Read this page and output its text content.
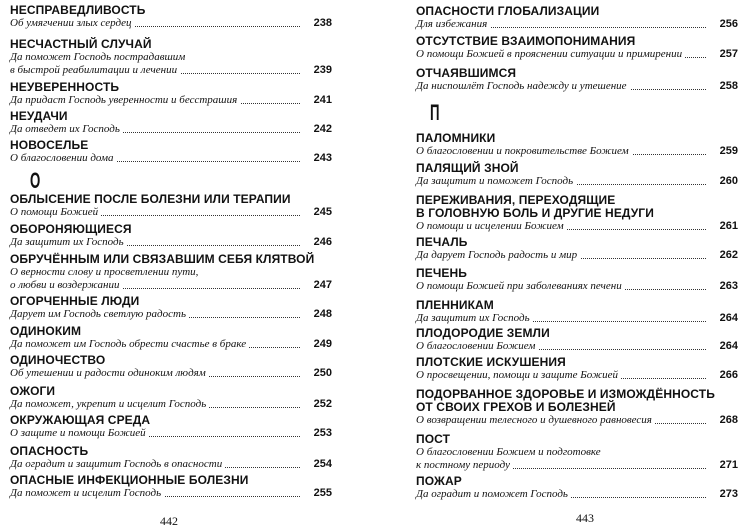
НЕСПРАВЕДЛИВОСТЬ
Об умягчении злых сердец	238
НЕСЧАСТНЫЙ СЛУЧАЙ
Да поможет Господь пострадавшим
в быстрой реабилитации и лечении	239
НЕУВЕРЕННОСТЬ
Да придаст Господь уверенности и бесстрашия	241
НЕУДАЧИ
Да отведет их Господь	242
НОВОСЕЛЬЕ
О благословении дома	243
О
ОБЛЫСЕНИЕ ПОСЛЕ БОЛЕЗНИ ИЛИ ТЕРАПИИ
О помощи Божией	245
ОБОРОНЯЮЩИЕСЯ
Да защитит их Господь	246
ОБРУЧЁННЫМ ИЛИ СВЯЗАВШИМ СЕБЯ КЛЯТВОЙ
О верности слову и просветлении пути,
о любви и воздержании	247
ОГОРЧЕННЫЕ ЛЮДИ
Дарует им Господь светлую радость	248
ОДИНОКИМ
Да поможет им Господь обрести счастье в браке	249
ОДИНОЧЕСТВО
Об утешении и радости одиноким людям	250
ОЖОГИ
Да поможет, укрепит и исцелит Господь	252
ОКРУЖАЮЩАЯ СРЕДА
О защите и помощи Божией	253
ОПАСНОСТЬ
Да оградит и защитит Господь в опасности	254
ОПАСНЫЕ ИНФЕКЦИОННЫЕ БОЛЕЗНИ
Да поможет и исцелит Господь	255
442
ОПАСНОСТИ ГЛОБАЛИЗАЦИИ
Для избежания	256
ОТСУТСТВИЕ ВЗАИМОПОНИМАНИЯ
О помощи Божией в прояснении ситуации и примирении	257
ОТЧАЯВШИМСЯ
Да ниспошлёт Господь надежду и утешение	258
П
ПАЛОМНИКИ
О благословении и покровительстве Божием	259
ПАЛЯЩИЙ ЗНОЙ
Да защитит и поможет Господь	260
ПЕРЕЖИВАНИЯ, ПЕРЕХОДЯЩИЕ
В ГОЛОВНУЮ БОЛЬ И ДРУГИЕ НЕДУГИ
О помощи и исцелении Божием	261
ПЕЧАЛЬ
Да дарует Господь радость и мир	262
ПЕЧЕНЬ
О помощи Божией при заболеваниях печени	263
ПЛЕННИКАМ
Да защитит их Господь	264
ПЛОДОРОДИЕ ЗЕМЛИ
О благословении Божием	264
ПЛОТСКИЕ ИСКУШЕНИЯ
О просвещении, помощи и защите Божией	266
ПОДОРВАННОЕ ЗДОРОВЬЕ И ИЗМОЖДЁННОСТЬ
ОТ СВОИХ ГРЕХОВ И БОЛЕЗНЕЙ
О возвращении телесного и душевного равновесия	268
ПОСТ
О благословении Божием и подготовке
к постному периоду	271
ПОЖАР
Да оградит и поможет Господь	273
443
